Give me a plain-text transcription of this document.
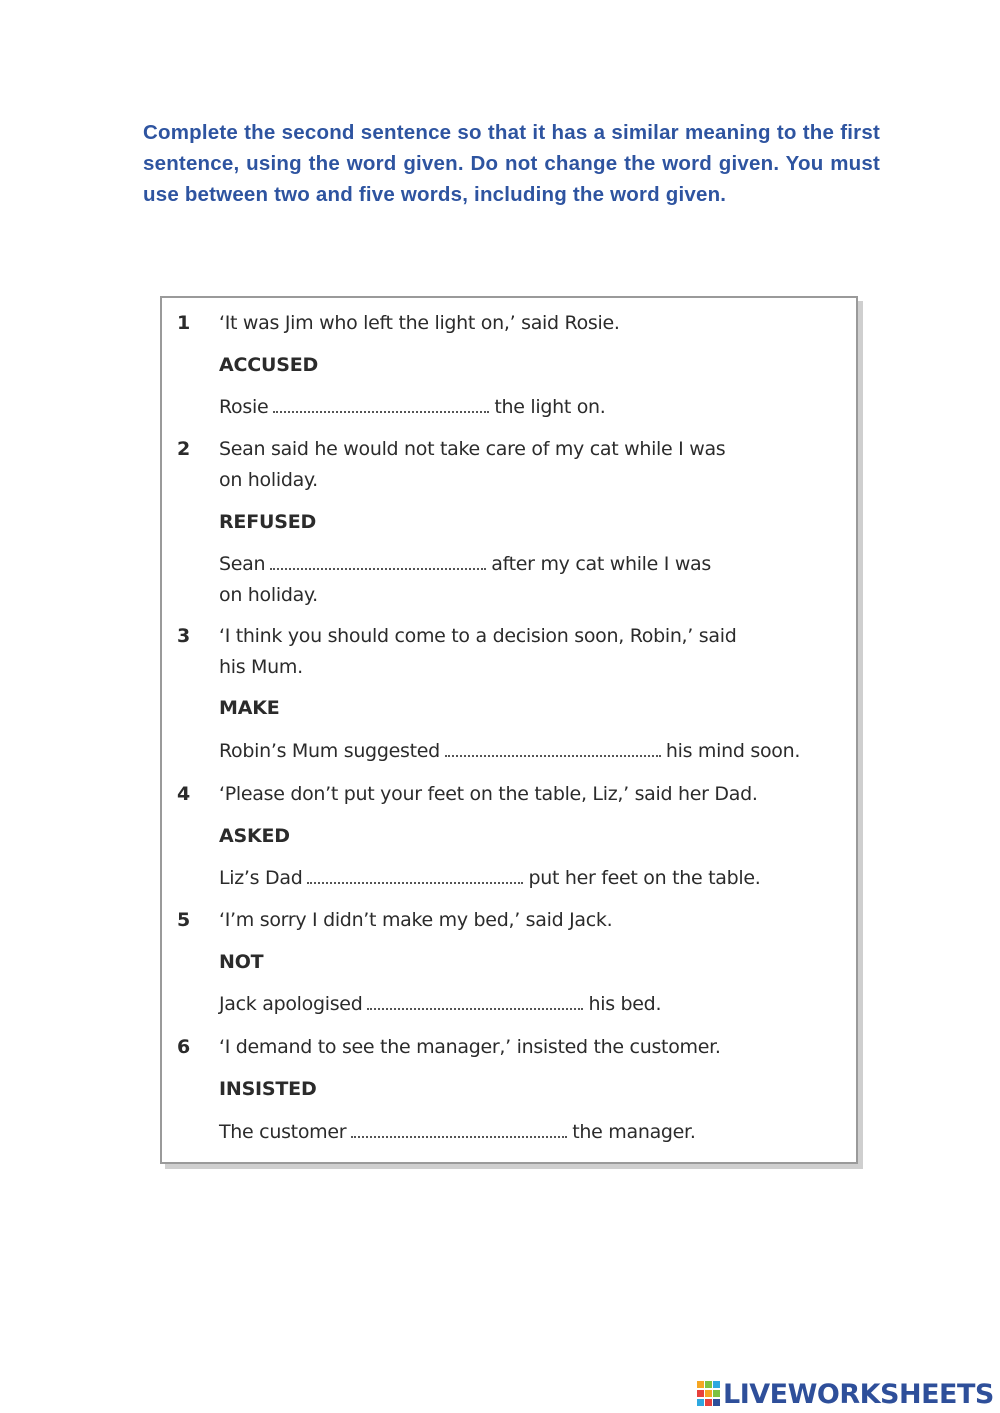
Complete the second sentence so that it has a similar meaning to the first sentence, using the word given. Do not change the word given. You must use between two and five words, including the word given.
1	‘It was Jim who left the light on,’ said Rosie.
ACCUSED
Rosie	the light on.
2	Sean said he would not take care of my cat while I was
on holiday.
REFUSED
Sean	after my cat while I was
on holiday.
3	‘I think you should come to a decision soon, Robin,’ said
his Mum.
MAKE
Robin’s Mum suggested	his mind soon.
4	‘Please don’t put your feet on the table, Liz,’ said her Dad.
ASKED
Liz’s Dad	put her feet on the table.
5	‘I’m sorry I didn’t make my bed,’ said Jack.
NOT
Jack apologised	his bed.
6	‘I demand to see the manager,’ insisted the customer.
INSISTED
The customer	the manager.
LIVEWORKSHEETS
